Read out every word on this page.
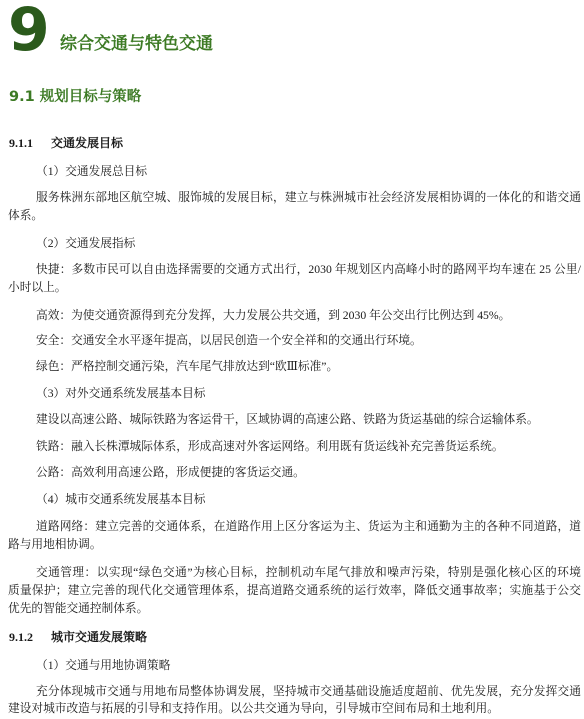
9 综合交通与特色交通
9.1 规划目标与策略
9.1.1 交通发展目标
（1）交通发展总目标
服务株洲东部地区航空城、服饰城的发展目标，建立与株洲城市社会经济发展相协调的一体化的和谐交通
体系。
（2）交通发展指标
快捷：多数市民可以自由选择需要的交通方式出行，2030 年规划区内高峰小时的路网平均车速在 25 公里/
小时以上。
高效：为使交通资源得到充分发挥，大力发展公共交通，到 2030 年公交出行比例达到 45%。
安全：交通安全水平逐年提高，以居民创造一个安全祥和的交通出行环境。
绿色：严格控制交通污染，汽车尾气排放达到“欧Ⅲ标准”。
（3）对外交通系统发展基本目标
建设以高速公路、城际铁路为客运骨干，区域协调的高速公路、铁路为货运基础的综合运输体系。
铁路：融入长株潭城际体系，形成高速对外客运网络。利用既有货运线补充完善货运系统。
公路：高效利用高速公路，形成便捷的客货运交通。
（4）城市交通系统发展基本目标
道路网络：建立完善的交通体系，在道路作用上区分客运为主、货运为主和通勤为主的各种不同道路，道
路与用地相协调。
交通管理：以实现“绿色交通”为核心目标，控制机动车尾气排放和噪声污染，特别是强化核心区的环境
质量保护；建立完善的现代化交通管理体系，提高道路交通系统的运行效率，降低交通事故率；实施基于公交
优先的智能交通控制体系。
9.1.2 城市交通发展策略
（1）交通与用地协调策略
充分体现城市交通与用地布局整体协调发展，坚持城市交通基础设施适度超前、优先发展，充分发挥交通
建设对城市改造与拓展的引导和支持作用。以公共交通为导向，引导城市空间布局和土地利用。
